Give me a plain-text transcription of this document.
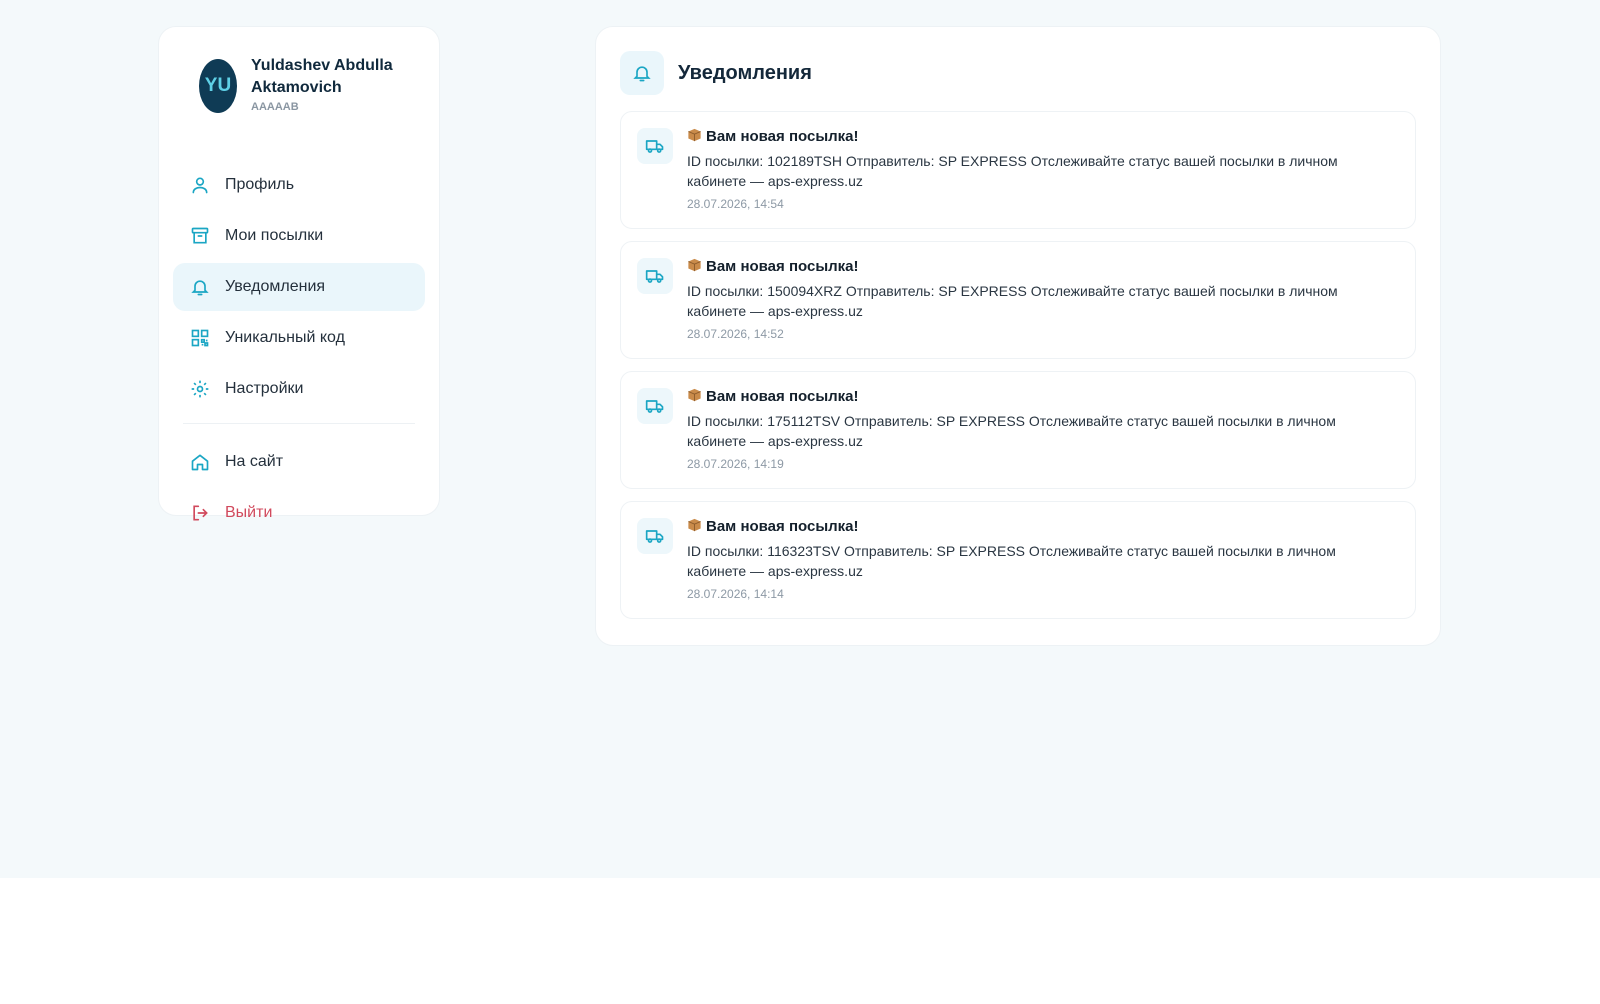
YU
Yuldashev Abdulla Aktamovich
AAAAAB
Профиль
Мои посылки
Уведомления
Уникальный код
Настройки
На сайт
Выйти
Уведомления
Вам новая посылка!
ID посылки: 102189TSH Отправитель: SP EXPRESS Отслеживайте статус вашей посылки в личном кабинете — aps-express.uz
28.07.2026, 14:54
Вам новая посылка!
ID посылки: 150094XRZ Отправитель: SP EXPRESS Отслеживайте статус вашей посылки в личном кабинете — aps-express.uz
28.07.2026, 14:52
Вам новая посылка!
ID посылки: 175112TSV Отправитель: SP EXPRESS Отслеживайте статус вашей посылки в личном кабинете — aps-express.uz
28.07.2026, 14:19
Вам новая посылка!
ID посылки: 116323TSV Отправитель: SP EXPRESS Отслеживайте статус вашей посылки в личном кабинете — aps-express.uz
28.07.2026, 14:14
